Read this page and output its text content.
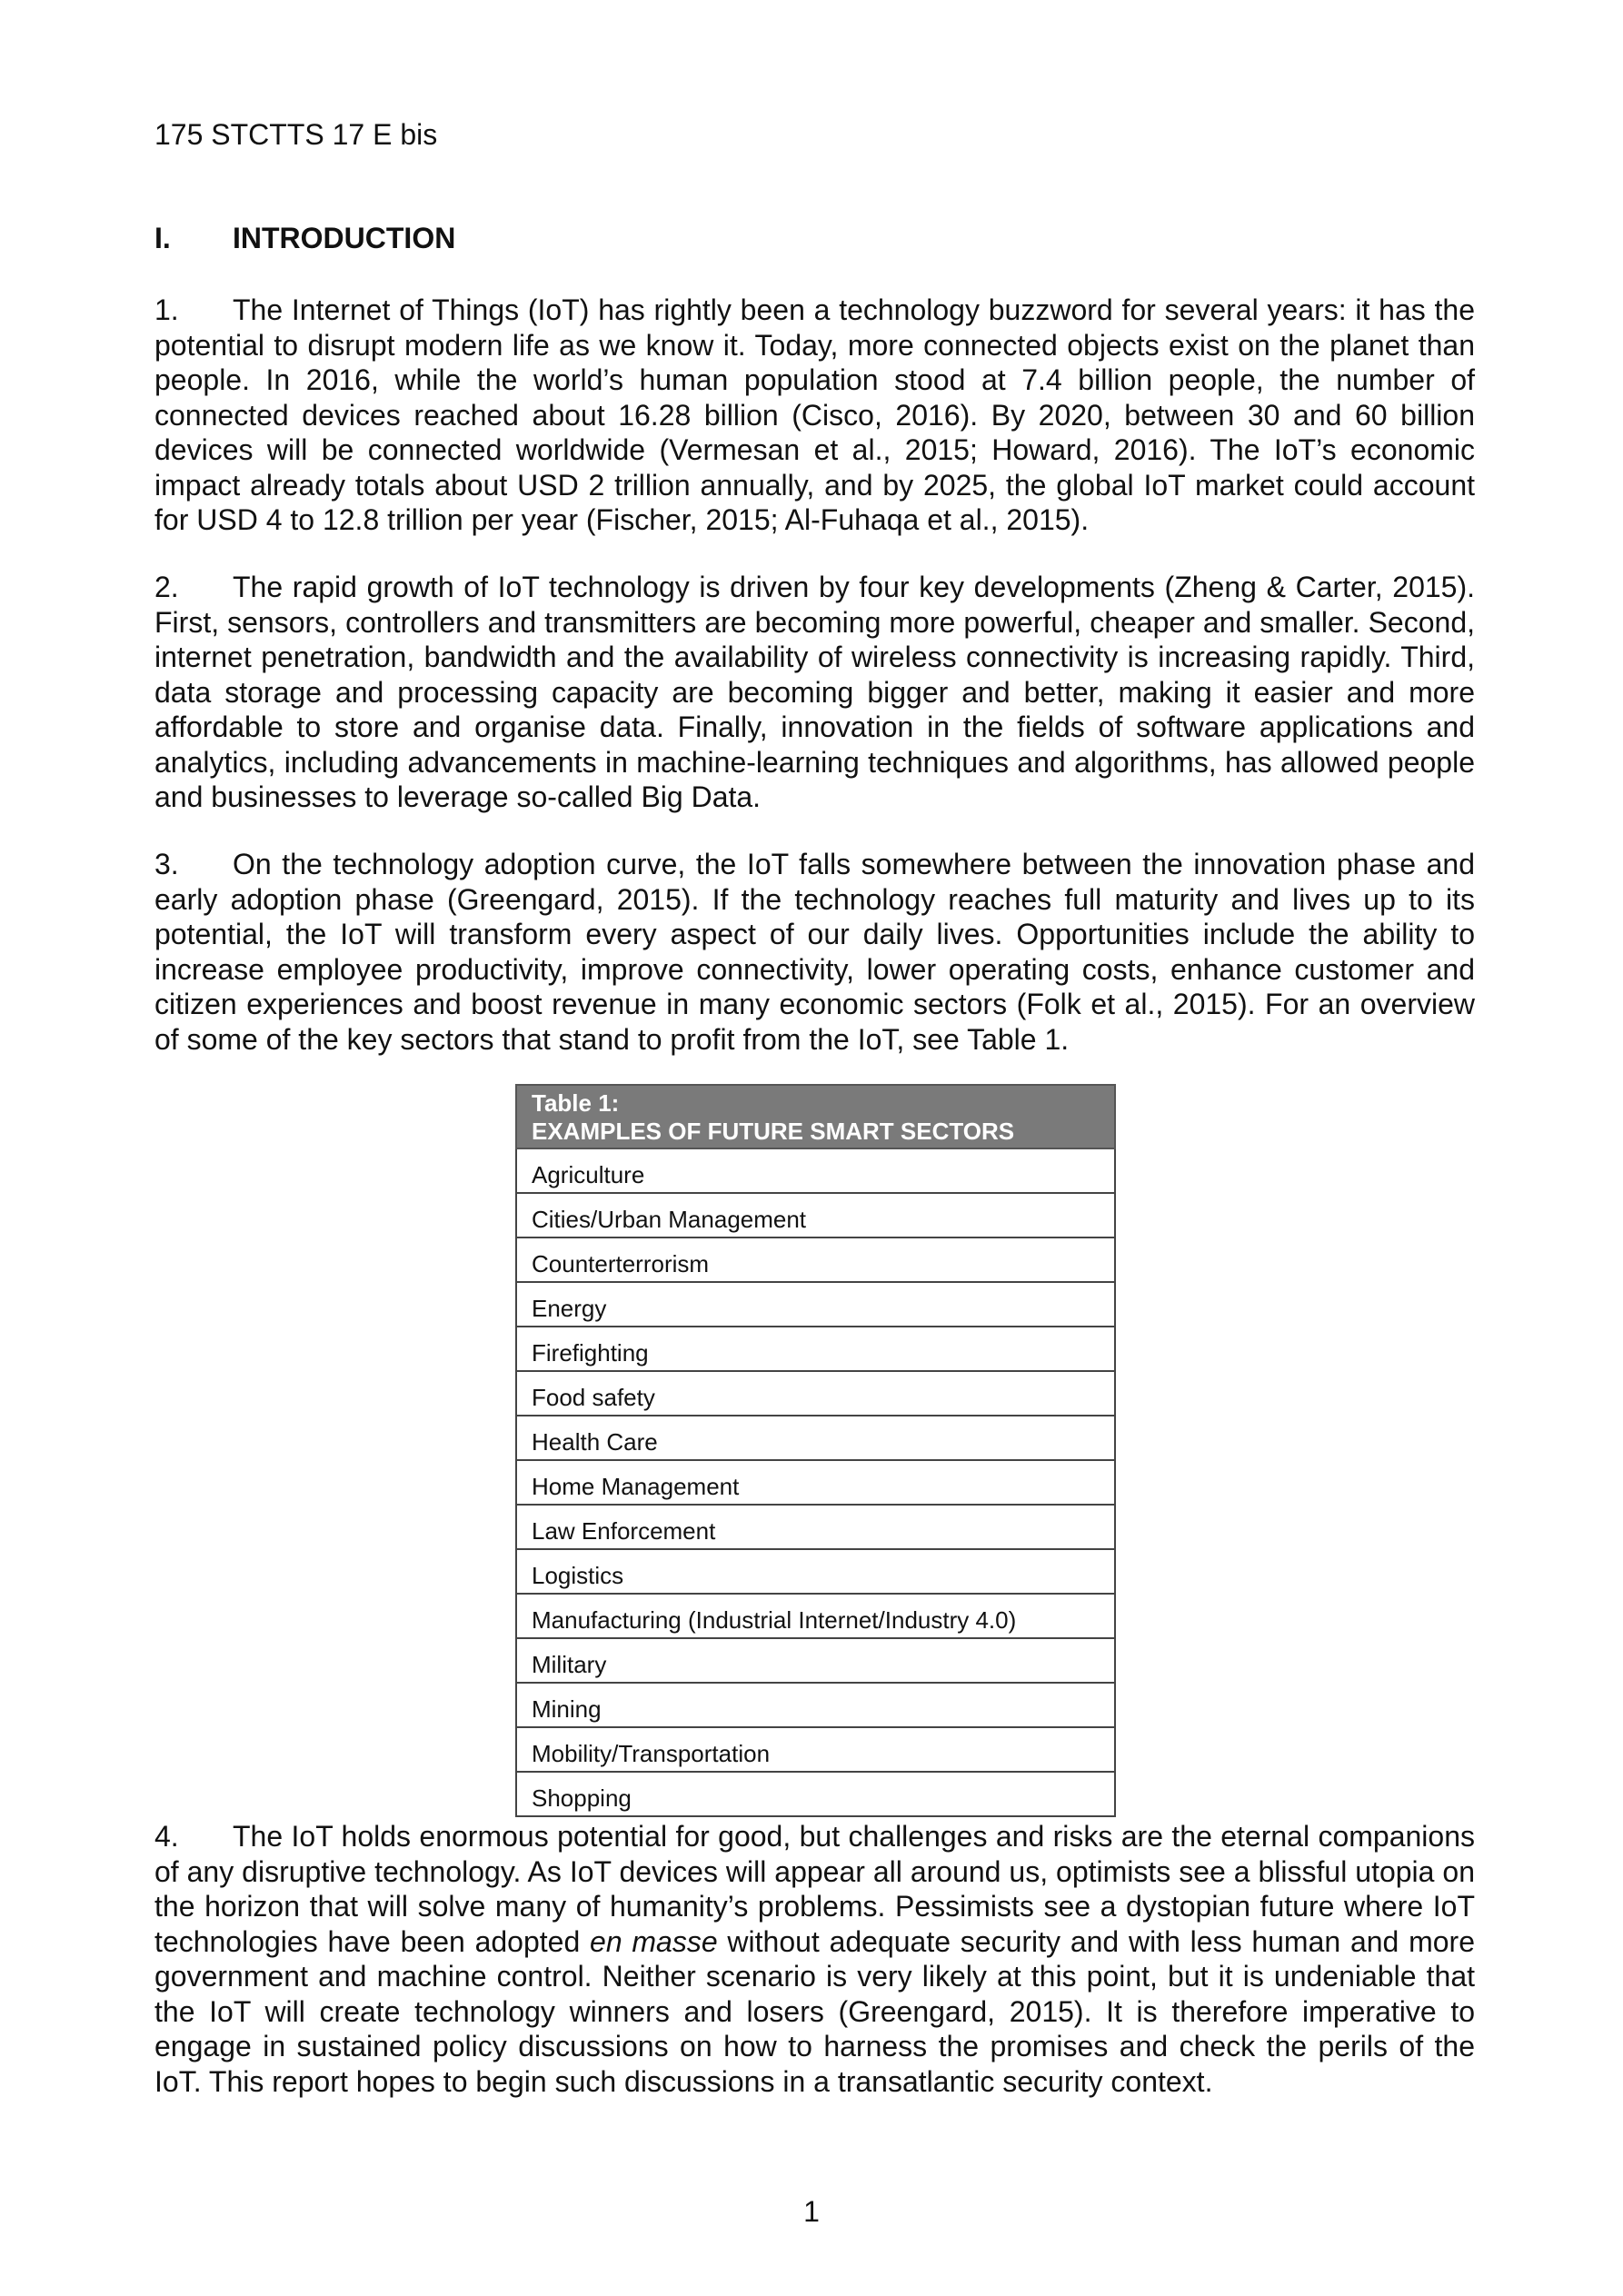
175 STCTTS 17 E bis
I. INTRODUCTION

1. The Internet of Things (IoT) has rightly been a technology buzzword for several years: it has the potential to disrupt modern life as we know it. Today, more connected objects exist on the planet than people. In 2016, while the world’s human population stood at 7.4 billion people, the number of connected devices reached about 16.28 billion (Cisco, 2016). By 2020, between 30 and 60 billion devices will be connected worldwide (Vermesan et al., 2015; Howard, 2016). The IoT’s economic impact already totals about USD 2 trillion annually, and by 2025, the global IoT market could account for USD 4 to 12.8 trillion per year (Fischer, 2015; Al-Fuhaqa et al., 2015).

2. The rapid growth of IoT technology is driven by four key developments (Zheng & Carter, 2015). First, sensors, controllers and transmitters are becoming more powerful, cheaper and smaller. Second, internet penetration, bandwidth and the availability of wireless connectivity is increasing rapidly. Third, data storage and processing capacity are becoming bigger and better, making it easier and more affordable to store and organise data. Finally, innovation in the fields of software applications and analytics, including advancements in machine-learning techniques and algorithms, has allowed people and businesses to leverage so-called Big Data.

3. On the technology adoption curve, the IoT falls somewhere between the innovation phase and early adoption phase (Greengard, 2015). If the technology reaches full maturity and lives up to its potential, the IoT will transform every aspect of our daily lives. Opportunities include the ability to increase employee productivity, improve connectivity, lower operating costs, enhance customer and citizen experiences and boost revenue in many economic sectors (Folk et al., 2015). For an overview of some of the key sectors that stand to profit from the IoT, see Table 1.

Table 1:
EXAMPLES OF FUTURE SMART SECTORS

Agriculture
Cities/Urban Management
Counterterrorism
Energy
Firefighting
Food safety
Health Care
Home Management
Law Enforcement
Logistics
Manufacturing (Industrial Internet/Industry 4.0)
Military
Mining
Mobility/Transportation
Shopping

4. The IoT holds enormous potential for good, but challenges and risks are the eternal companions of any disruptive technology. As IoT devices will appear all around us, optimists see a blissful utopia on the horizon that will solve many of humanity’s problems. Pessimists see a dystopian future where IoT technologies have been adopted en masse without adequate security and with less human and more government and machine control. Neither scenario is very likely at this point, but it is undeniable that the IoT will create technology winners and losers (Greengard, 2015). It is therefore imperative to engage in sustained policy discussions on how to harness the promises and check the perils of the IoT. This report hopes to begin such discussions in a transatlantic security context.

1
